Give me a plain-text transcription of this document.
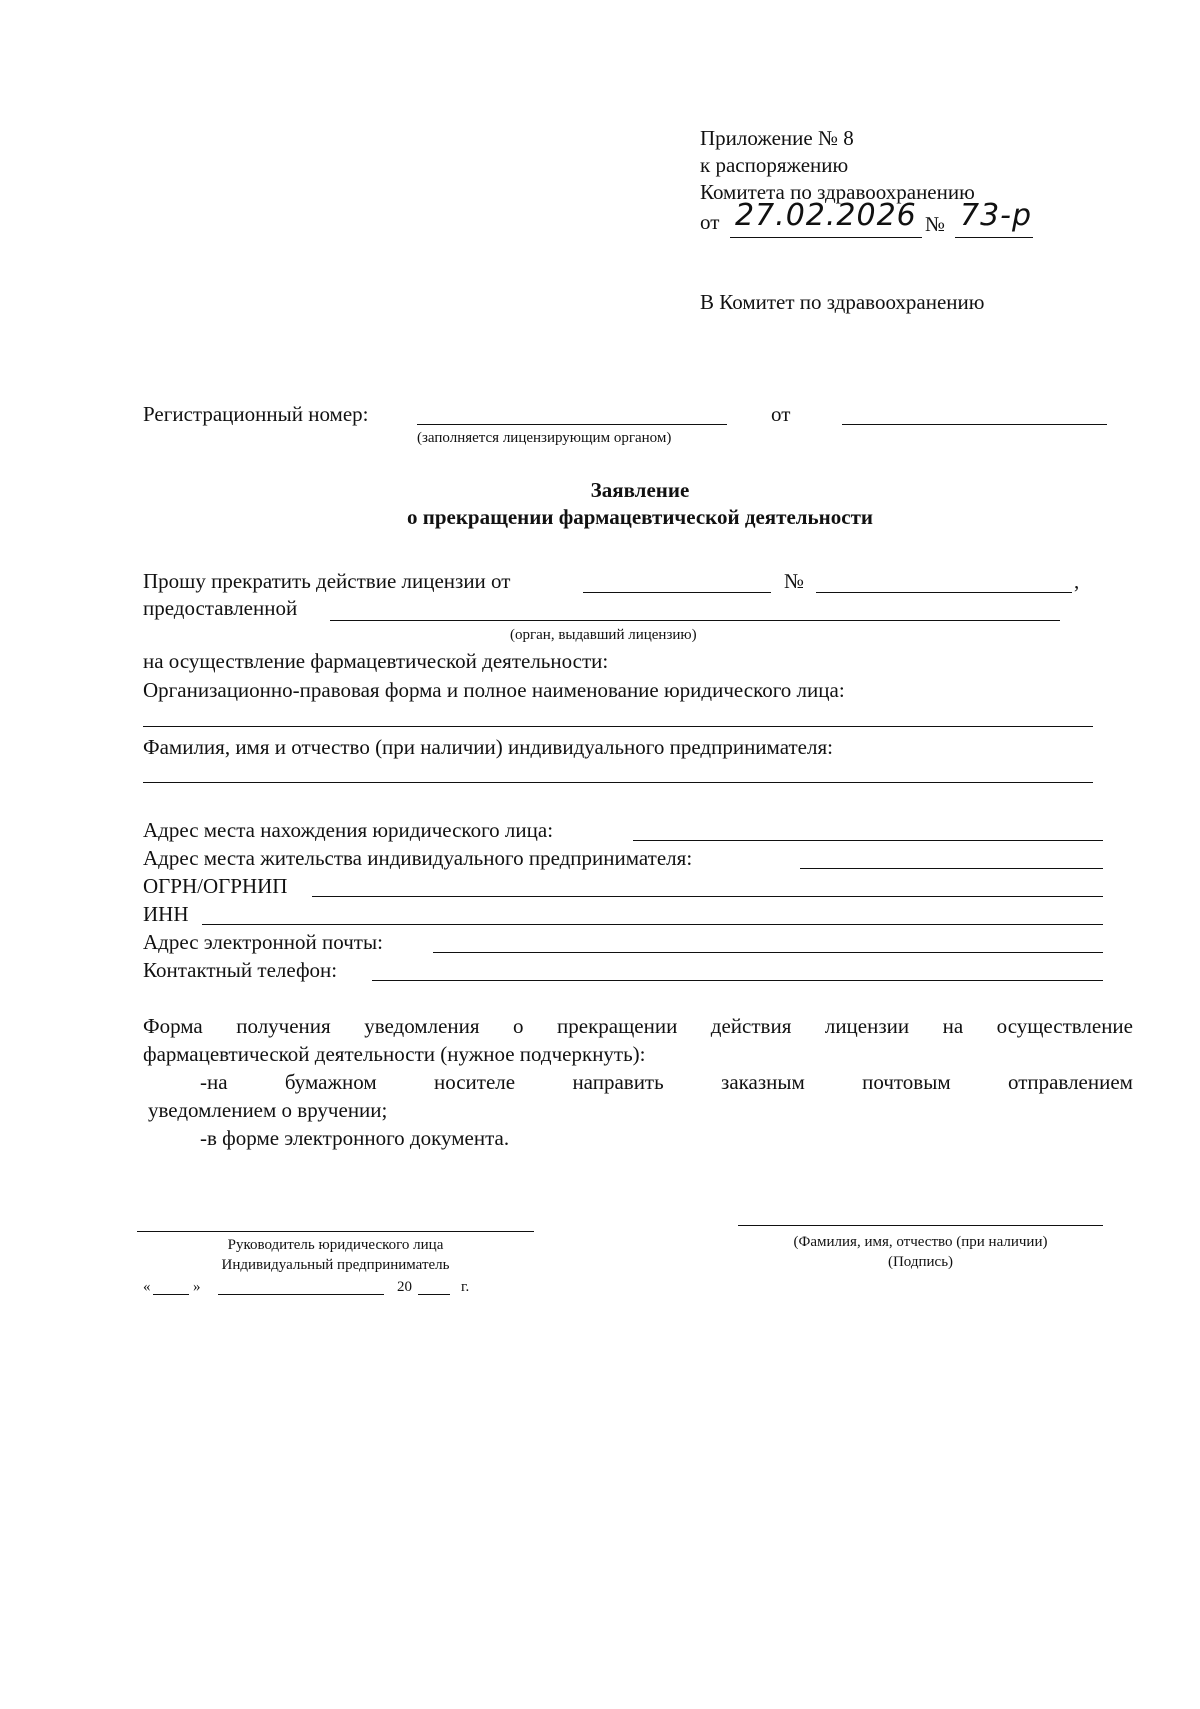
Приложение № 8
к распоряжению
Комитета по здравоохранению
от 27.02.2026 № 73-р
В Комитет по здравоохранению
Регистрационный номер:	от
(заполняется лицензирующим органом)
Заявление
о прекращении фармацевтической деятельности
Прошу прекратить действие лицензии от	№	,
предоставленной
(орган, выдавший лицензию)
на осуществление фармацевтической деятельности:
Организационно-правовая форма и полное наименование юридического лица:
Фамилия, имя и отчество (при наличии) индивидуального предпринимателя:
Адрес места нахождения юридического лица:
Адрес места жительства индивидуального предпринимателя:
ОГРН/ОГРНИП
ИНН
Адрес электронной почты:
Контактный телефон:
Форма получения уведомления о прекращении действия лицензии на осуществление
фармацевтической деятельности (нужное подчеркнуть):
-на	бумажном	носителе	направить	заказным	почтовым	отправлением
уведомлением о вручении;
-в форме электронного документа.
Руководитель юридического лица
Индивидуальный предприниматель
«	»	20	г.
(Фамилия, имя, отчество (при наличии)
(Подпись)
